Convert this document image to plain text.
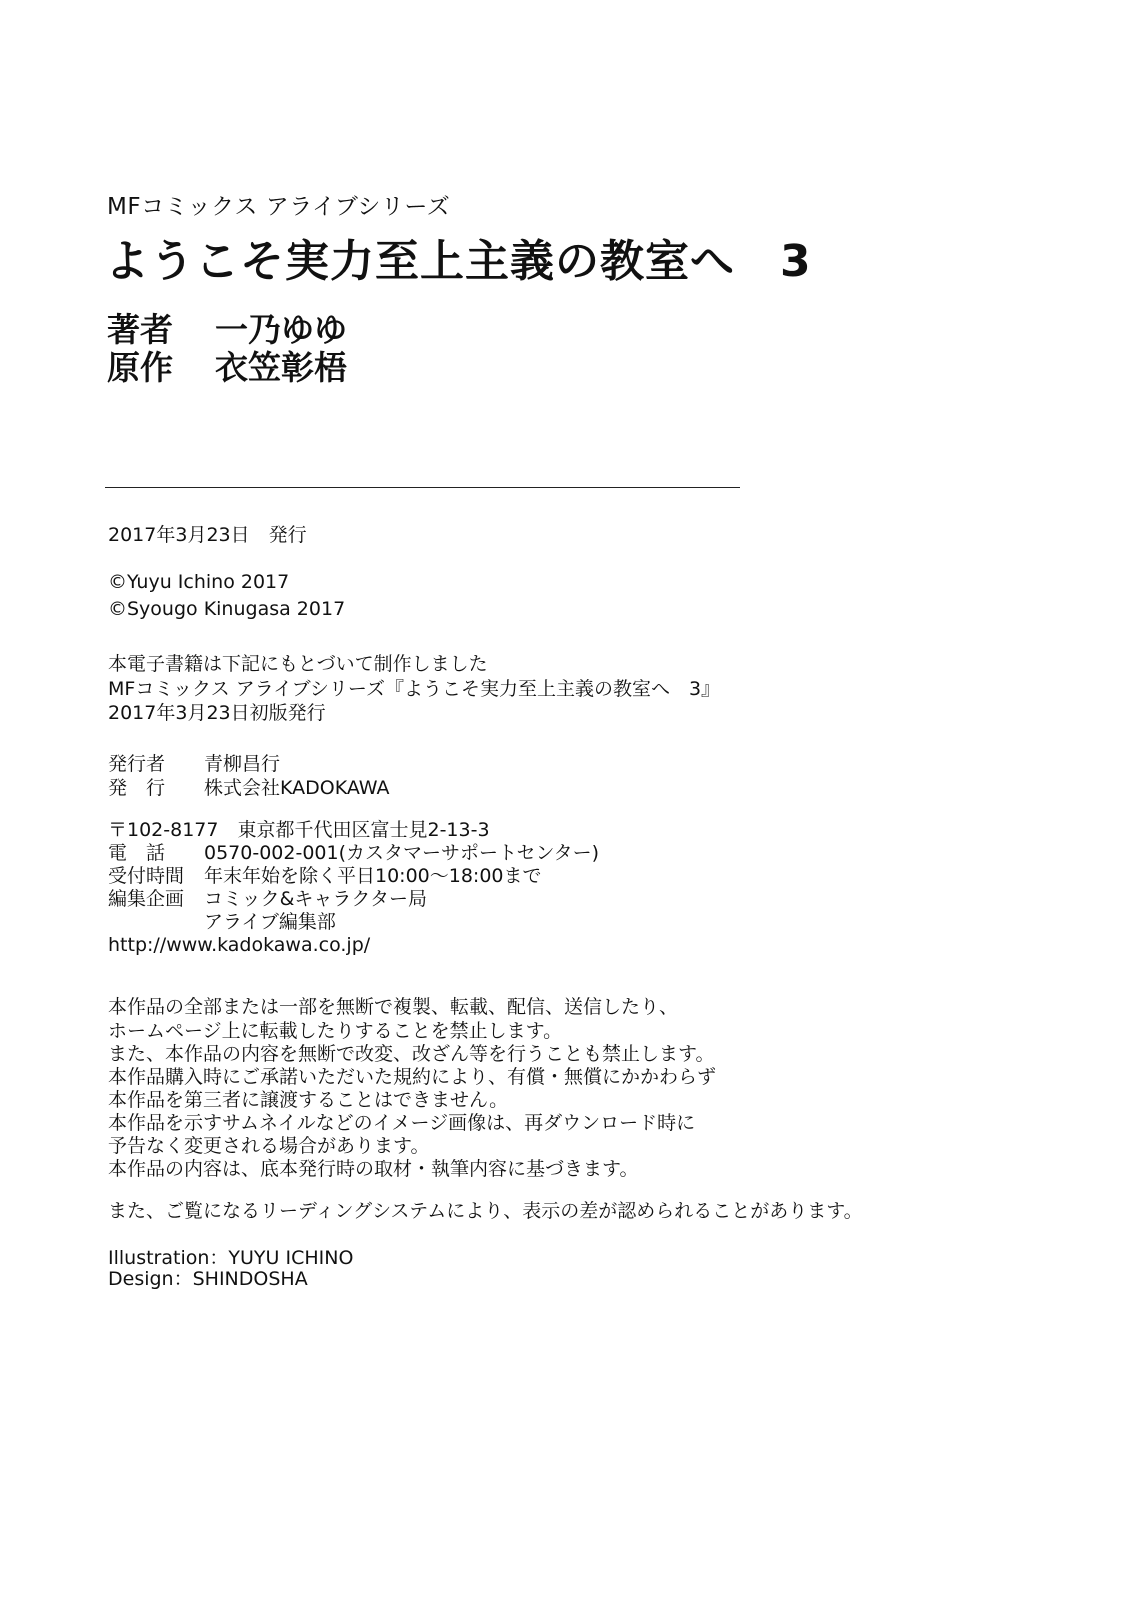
MFコミックス アライブシリーズ
ようこそ実力至上主義の教室へ　3
著者 一乃ゆゆ
原作 衣笠彰梧
2017年3月23日　発行
©Yuyu Ichino 2017
©Syougo Kinugasa 2017
本電子書籍は下記にもとづいて制作しました
MFコミックス アライブシリーズ『ようこそ実力至上主義の教室へ　3』
2017年3月23日初版発行
発行者 青柳昌行
発　行 株式会社KADOKAWA
〒102-8177　東京都千代田区富士見2-13-3
電　話 0570-002-001(カスタマーサポートセンター)
受付時間 年末年始を除く平日10:00〜18:00まで
編集企画 コミック&キャラクター局
アライブ編集部
http://www.kadokawa.co.jp/
本作品の全部または一部を無断で複製、転載、配信、送信したり、
ホームページ上に転載したりすることを禁止します。
また、本作品の内容を無断で改変、改ざん等を行うことも禁止します。
本作品購入時にご承諾いただいた規約により、有償・無償にかかわらず
本作品を第三者に譲渡することはできません。
本作品を示すサムネイルなどのイメージ画像は、再ダウンロード時に
予告なく変更される場合があります。
本作品の内容は、底本発行時の取材・執筆内容に基づきます。
また、ご覧になるリーディングシステムにより、表示の差が認められることがあります。
Illustration：YUYU ICHINO
Design：SHINDOSHA
